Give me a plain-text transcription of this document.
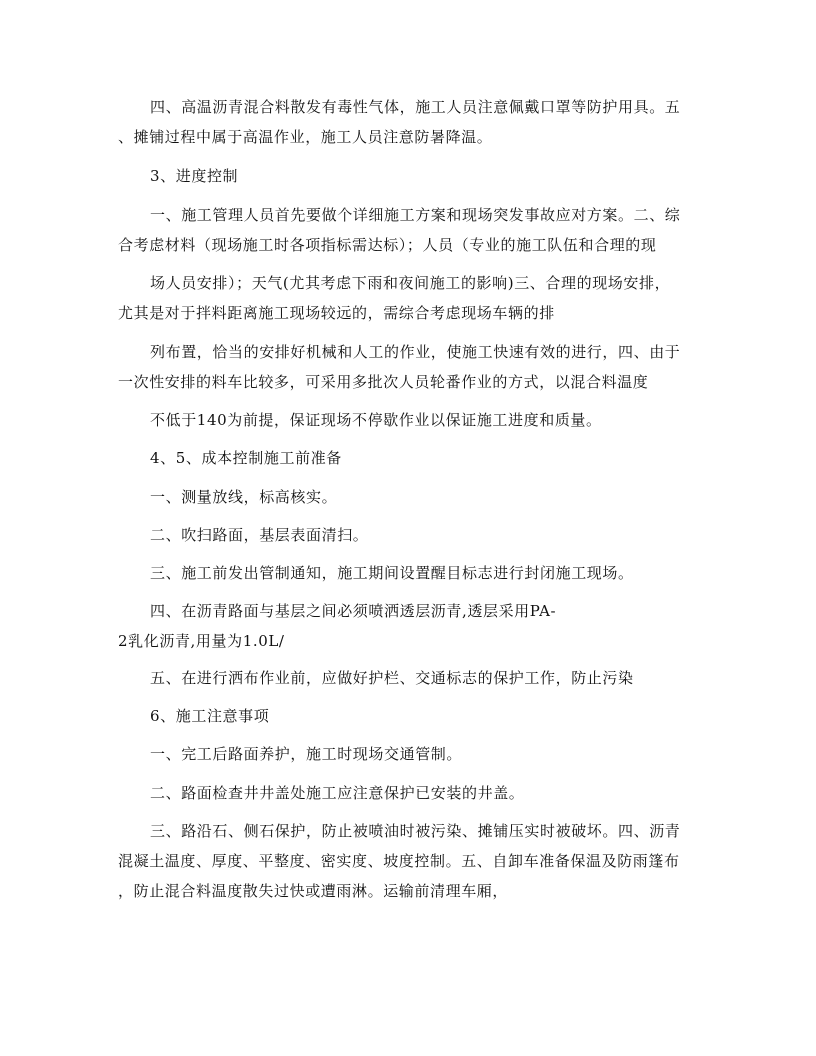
四、高温沥青混合料散发有毒性气体，施工人员注意佩戴口罩等防护用具。五
、摊铺过程中属于高温作业，施工人员注意防暑降温。
3、进度控制
一、施工管理人员首先要做个详细施工方案和现场突发事故应对方案。二、综
合考虑材料（现场施工时各项指标需达标）；人员（专业的施工队伍和合理的现
场人员安排）；天气(尤其考虑下雨和夜间施工的影响)三、合理的现场安排，
尤其是对于拌料距离施工现场较远的，需综合考虑现场车辆的排
列布置，恰当的安排好机械和人工的作业，使施工快速有效的进行，四、由于
一次性安排的料车比较多，可采用多批次人员轮番作业的方式，以混合料温度
不低于140为前提，保证现场不停歇作业以保证施工进度和质量。
4、5、成本控制施工前准备
一、测量放线，标高核实。
二、吹扫路面，基层表面清扫。
三、施工前发出管制通知，施工期间设置醒目标志进行封闭施工现场。
四、在沥青路面与基层之间必须喷洒透层沥青,透层采用PA-
2乳化沥青,用量为1.0L/
五、在进行洒布作业前，应做好护栏、交通标志的保护工作，防止污染
6、施工注意事项
一、完工后路面养护，施工时现场交通管制。
二、路面检查井井盖处施工应注意保护已安装的井盖。
三、路沿石、侧石保护，防止被喷油时被污染、摊铺压实时被破坏。四、沥青
混凝土温度、厚度、平整度、密实度、坡度控制。五、自卸车准备保温及防雨篷布
，防止混合料温度散失过快或遭雨淋。运输前清理车厢，
